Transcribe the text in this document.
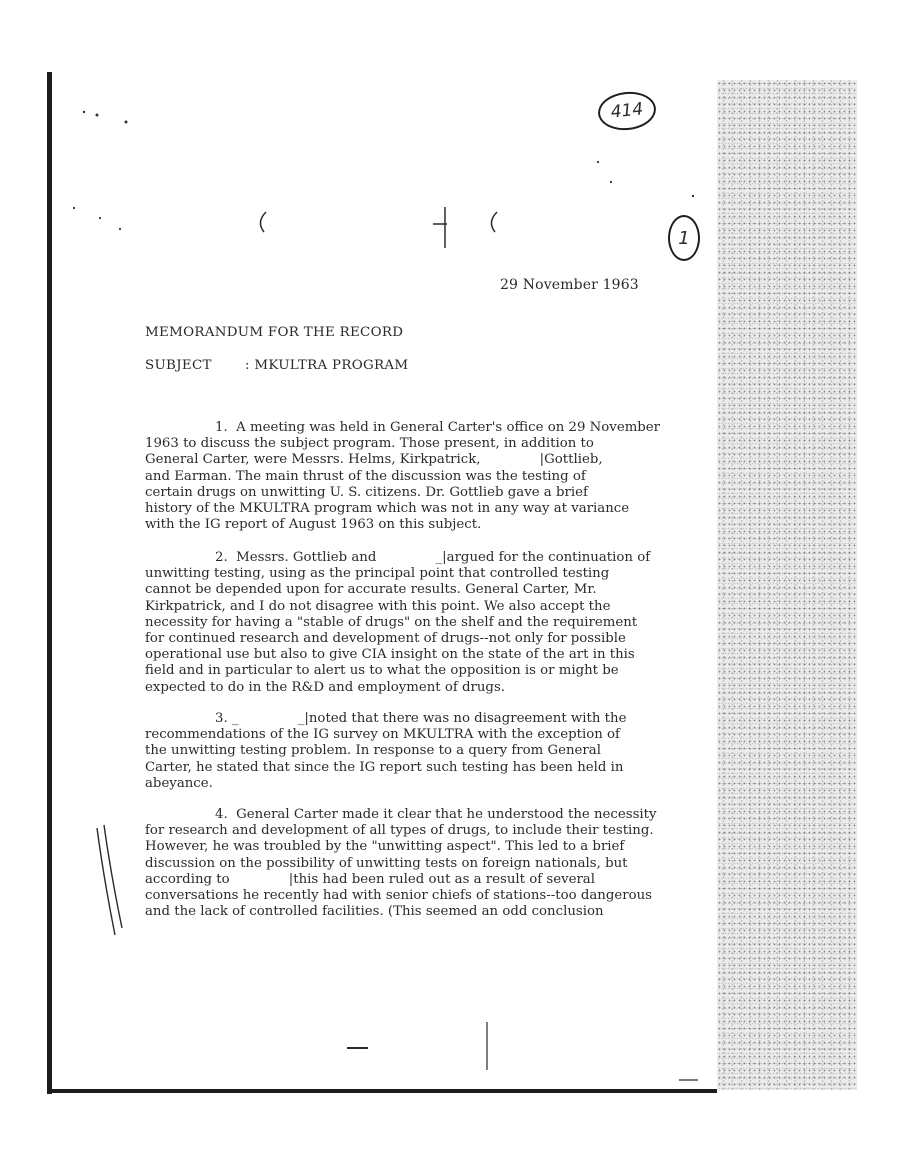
414
1
29 November 1963
MEMORANDUM FOR THE RECORD
SUBJECT : MKULTRA PROGRAM
1. A meeting was held in General Carter's office on 29 November
1963 to discuss the subject program. Those present, in addition to
General Carter, were Messrs. Helms, Kirkpatrick,              |Gottlieb,
and Earman. The main thrust of the discussion was the testing of
certain drugs on unwitting U. S. citizens. Dr. Gottlieb gave a brief
history of the MKULTRA program which was not in any way at variance
with the IG report of August 1963 on this subject.
2. Messrs. Gottlieb and              _|argued for the continuation of
unwitting testing, using as the principal point that controlled testing
cannot be depended upon for accurate results. General Carter, Mr.
Kirkpatrick, and I do not disagree with this point. We also accept the
necessity for having a "stable of drugs" on the shelf and the requirement
for continued research and development of drugs--not only for possible
operational use but also to give CIA insight on the state of the art in this
field and in particular to alert us to what the opposition is or might be
expected to do in the R&D and employment of drugs.
3. _              _|noted that there was no disagreement with the
recommendations of the IG survey on MKULTRA with the exception of
the unwitting testing problem. In response to a query from General
Carter, he stated that since the IG report such testing has been held in
abeyance.
4. General Carter made it clear that he understood the necessity
for research and development of all types of drugs, to include their testing.
However, he was troubled by the "unwitting aspect". This led to a brief
discussion on the possibility of unwitting tests on foreign nationals, but
according to              |this had been ruled out as a result of several
conversations he recently had with senior chiefs of stations--too dangerous
and the lack of controlled facilities. (This seemed an odd conclusion
